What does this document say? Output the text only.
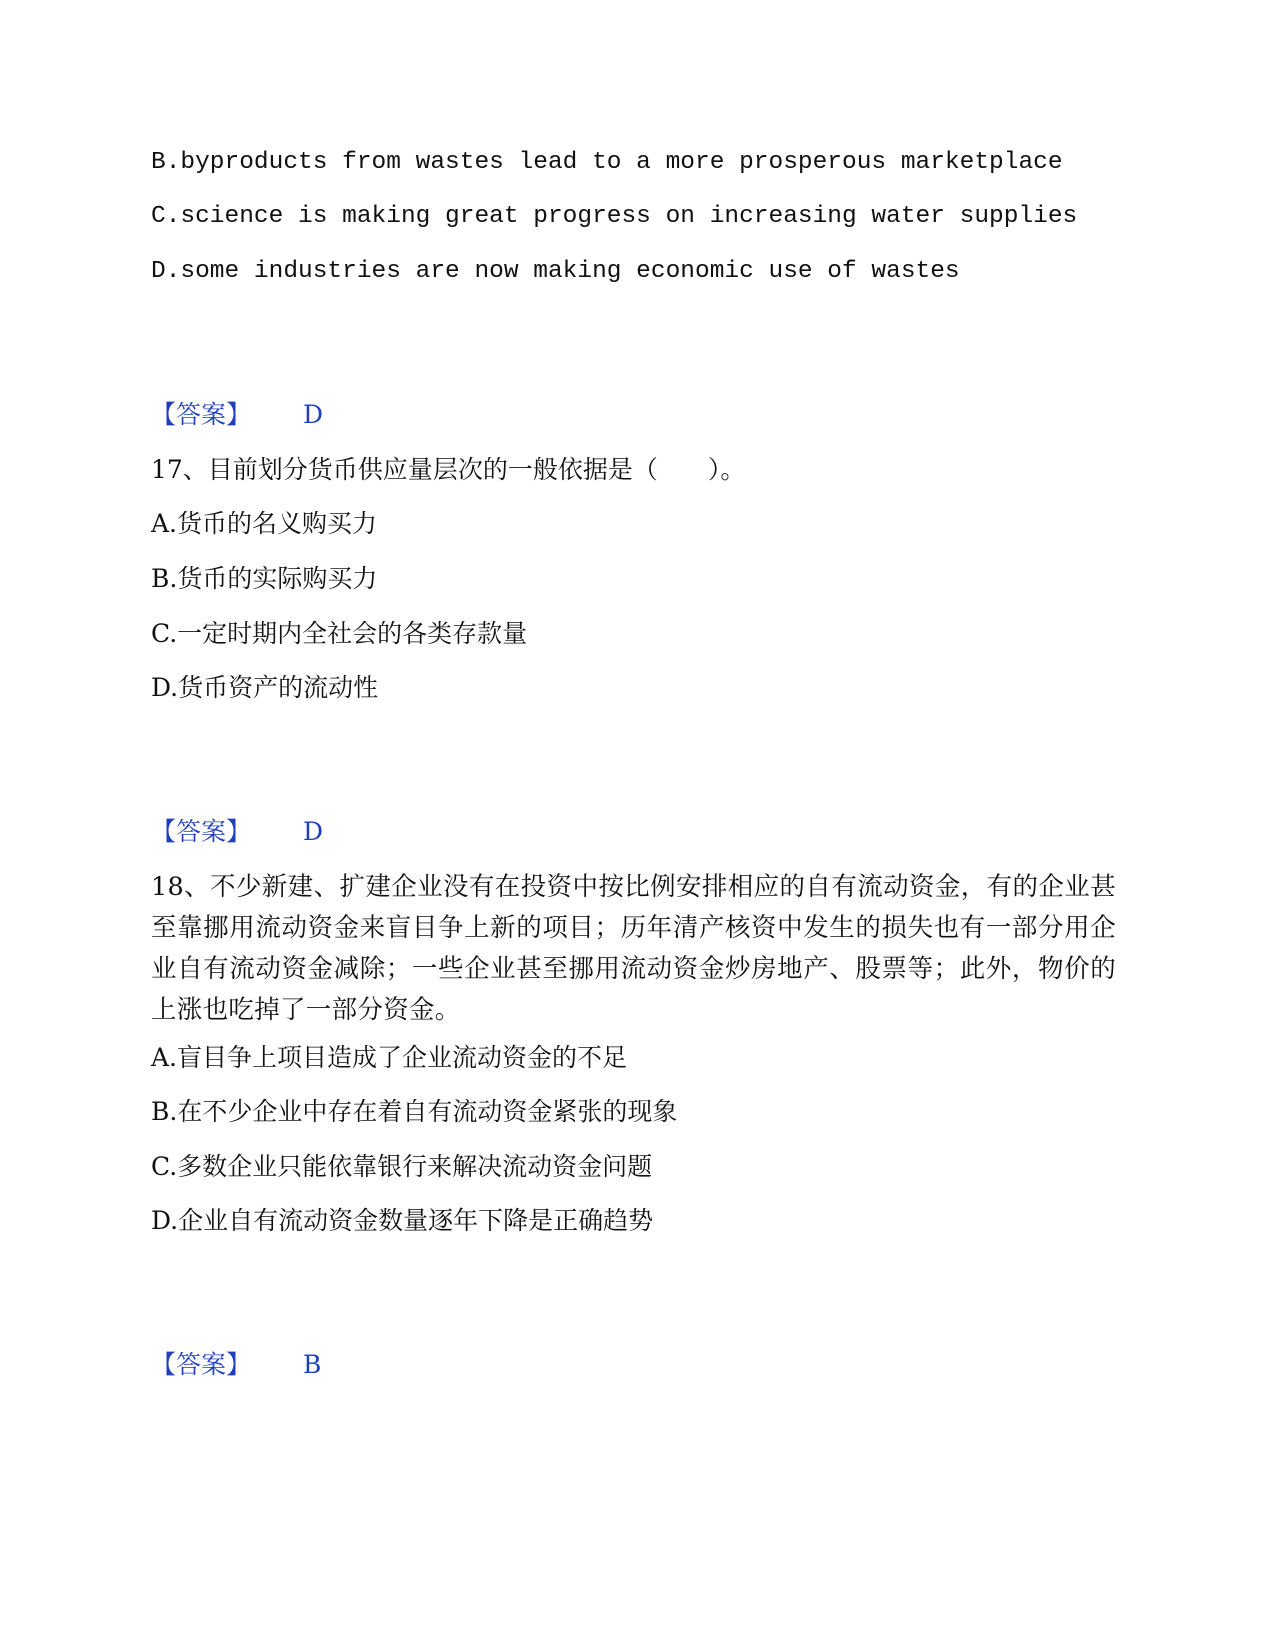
B.byproducts from wastes lead to a more prosperous marketplace

C.science is making great progress on increasing water supplies

D.some industries are now making economic use of wastes

【答案】 D

17、目前划分货币供应量层次的一般依据是（　　）。

A.货币的名义购买力

B.货币的实际购买力

C.一定时期内全社会的各类存款量

D.货币资产的流动性

【答案】 D

18、不少新建、扩建企业没有在投资中按比例安排相应的自有流动资金，有的企业甚至靠挪用流动资金来盲目争上新的项目；历年清产核资中发生的损失也有一部分用企业自有流动资金减除；一些企业甚至挪用流动资金炒房地产、股票等；此外，物价的上涨也吃掉了一部分资金。

A.盲目争上项目造成了企业流动资金的不足

B.在不少企业中存在着自有流动资金紧张的现象

C.多数企业只能依靠银行来解决流动资金问题

D.企业自有流动资金数量逐年下降是正确趋势

【答案】 B
